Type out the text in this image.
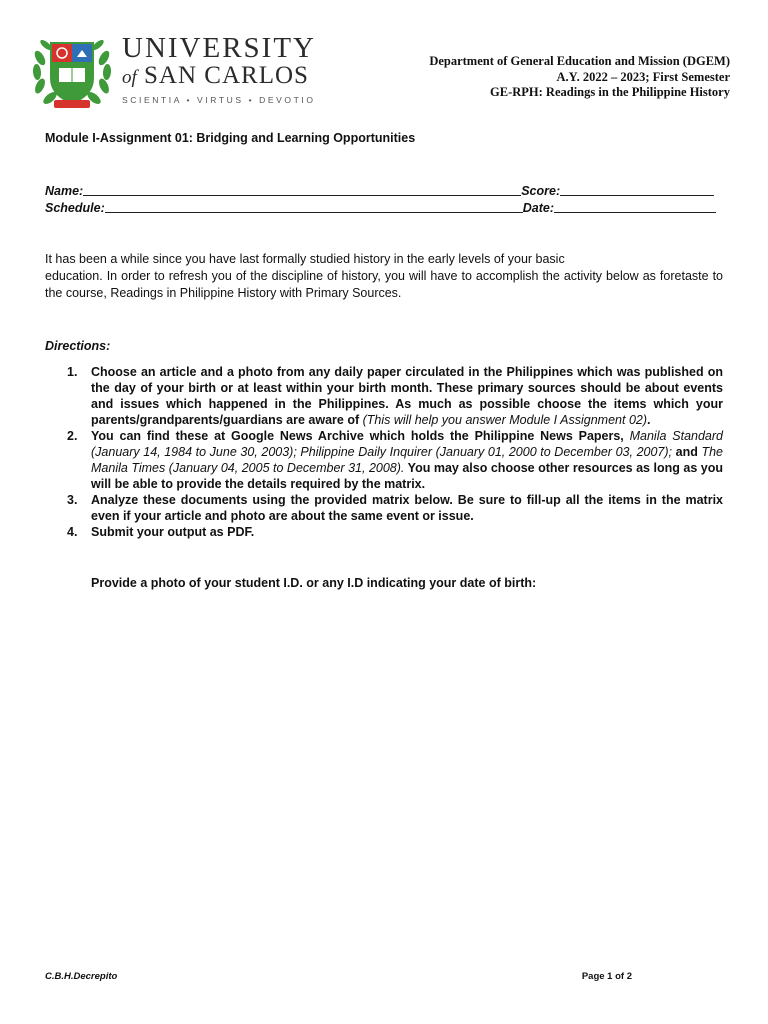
UNIVERSITY
of SAN CARLOS
SCIENTIA • VIRTUS • DEVOTIO
Department of General Education and Mission (DGEM)
A.Y. 2022 – 2023; First Semester
GE-RPH: Readings in the Philippine History
Module I-Assignment 01: Bridging and Learning Opportunities
Name:	Score:
Schedule:	Date:

It has been a while since you have last formally studied history in the early levels of your basic

education. In order to refresh you of the discipline of history, you will have to accomplish the activity below as foretaste to the course, Readings in Philippine History with Primary Sources.

Directions:
1. Choose an article and a photo from any daily paper circulated in the Philippines which was published on the day of your birth or at least within your birth month. These primary sources should be about events and issues which happened in the Philippines. As much as possible choose the items which your parents/grandparents/guardians are aware of (This will help you answer Module I Assignment 02).
2. You can find these at Google News Archive which holds the Philippine News Papers, Manila Standard (January 14, 1984 to June 30, 2003); Philippine Daily Inquirer (January 01, 2000 to December 03, 2007); and The Manila Times (January 04, 2005 to December 31, 2008). You may also choose other resources as long as you will be able to provide the details required by the matrix.
3. Analyze these documents using the provided matrix below. Be sure to fill-up all the items in the matrix even if your article and photo are about the same event or issue.
4. Submit your output as PDF.
Provide a photo of your student I.D. or any I.D indicating your date of birth:
C.B.H.Decrepito	Page 1 of 2
